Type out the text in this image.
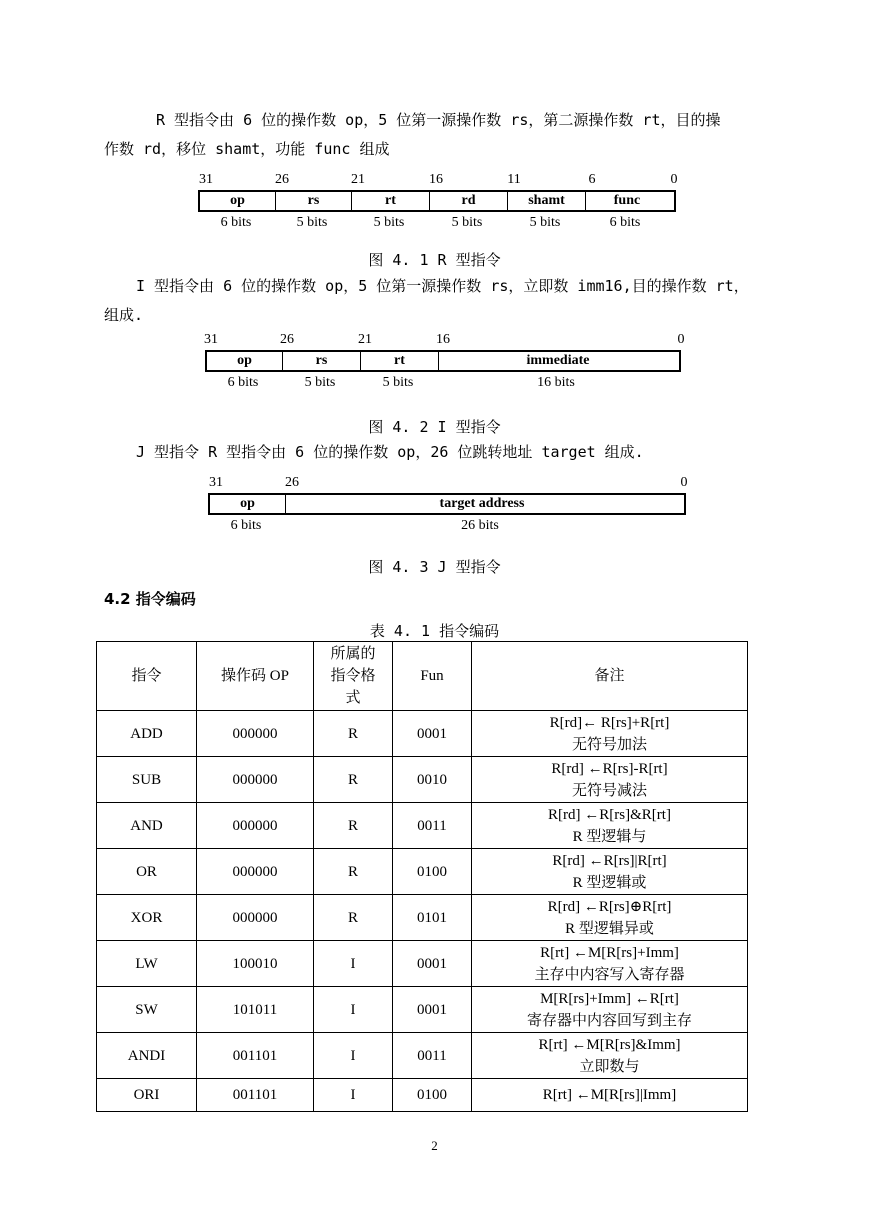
R 型指令由 6 位的操作数 op，5 位第一源操作数 rs，第二源操作数 rt，目的操
作数 rd，移位 shamt，功能 func 组成

31	26	21	16	11	6	0
op	rs	rt	rd	shamt	func
6 bits	5 bits	5 bits	5 bits	5 bits	6 bits

图 4. 1 R 型指令

I 型指令由 6 位的操作数 op，5 位第一源操作数 rs，立即数 imm16,目的操作数 rt，
组成.

31	26	21	16	0
op	rs	rt	immediate
6 bits	5 bits	5 bits	16 bits

图 4. 2 I 型指令

J 型指令 R 型指令由 6 位的操作数 op，26 位跳转地址 target 组成.

31	26	0
op	target address
6 bits	26 bits

图 4. 3 J 型指令

4.2 指令编码

表 4. 1 指令编码

指令	操作码 OP	所属的指令格式	Fun	备注
ADD	000000	R	0001	R[rd]← R[rs]+R[rt]
无符号加法

SUB	000000	R	0010	R[rd] ←R[rs]-R[rt]
无符号减法

AND	000000	R	0011	R[rd] ←R[rs]&R[rt]
R 型逻辑与

OR	000000	R	0100	R[rd] ←R[rs]|R[rt]
R 型逻辑或

XOR	000000	R	0101	R[rd] ←R[rs]⊕R[rt]
R 型逻辑异或

LW	100010	I	0001	R[rt] ←M[R[rs]+Imm]
主存中内容写入寄存器

SW	101011	I	0001	M[R[rs]+Imm] ←R[rt]
寄存器中内容回写到主存

ANDI	001101	I	0011	R[rt] ←M[R[rs]&Imm]
立即数与

ORI	001101	I	0100	R[rt] ←M[R[rs]|Imm]
2
